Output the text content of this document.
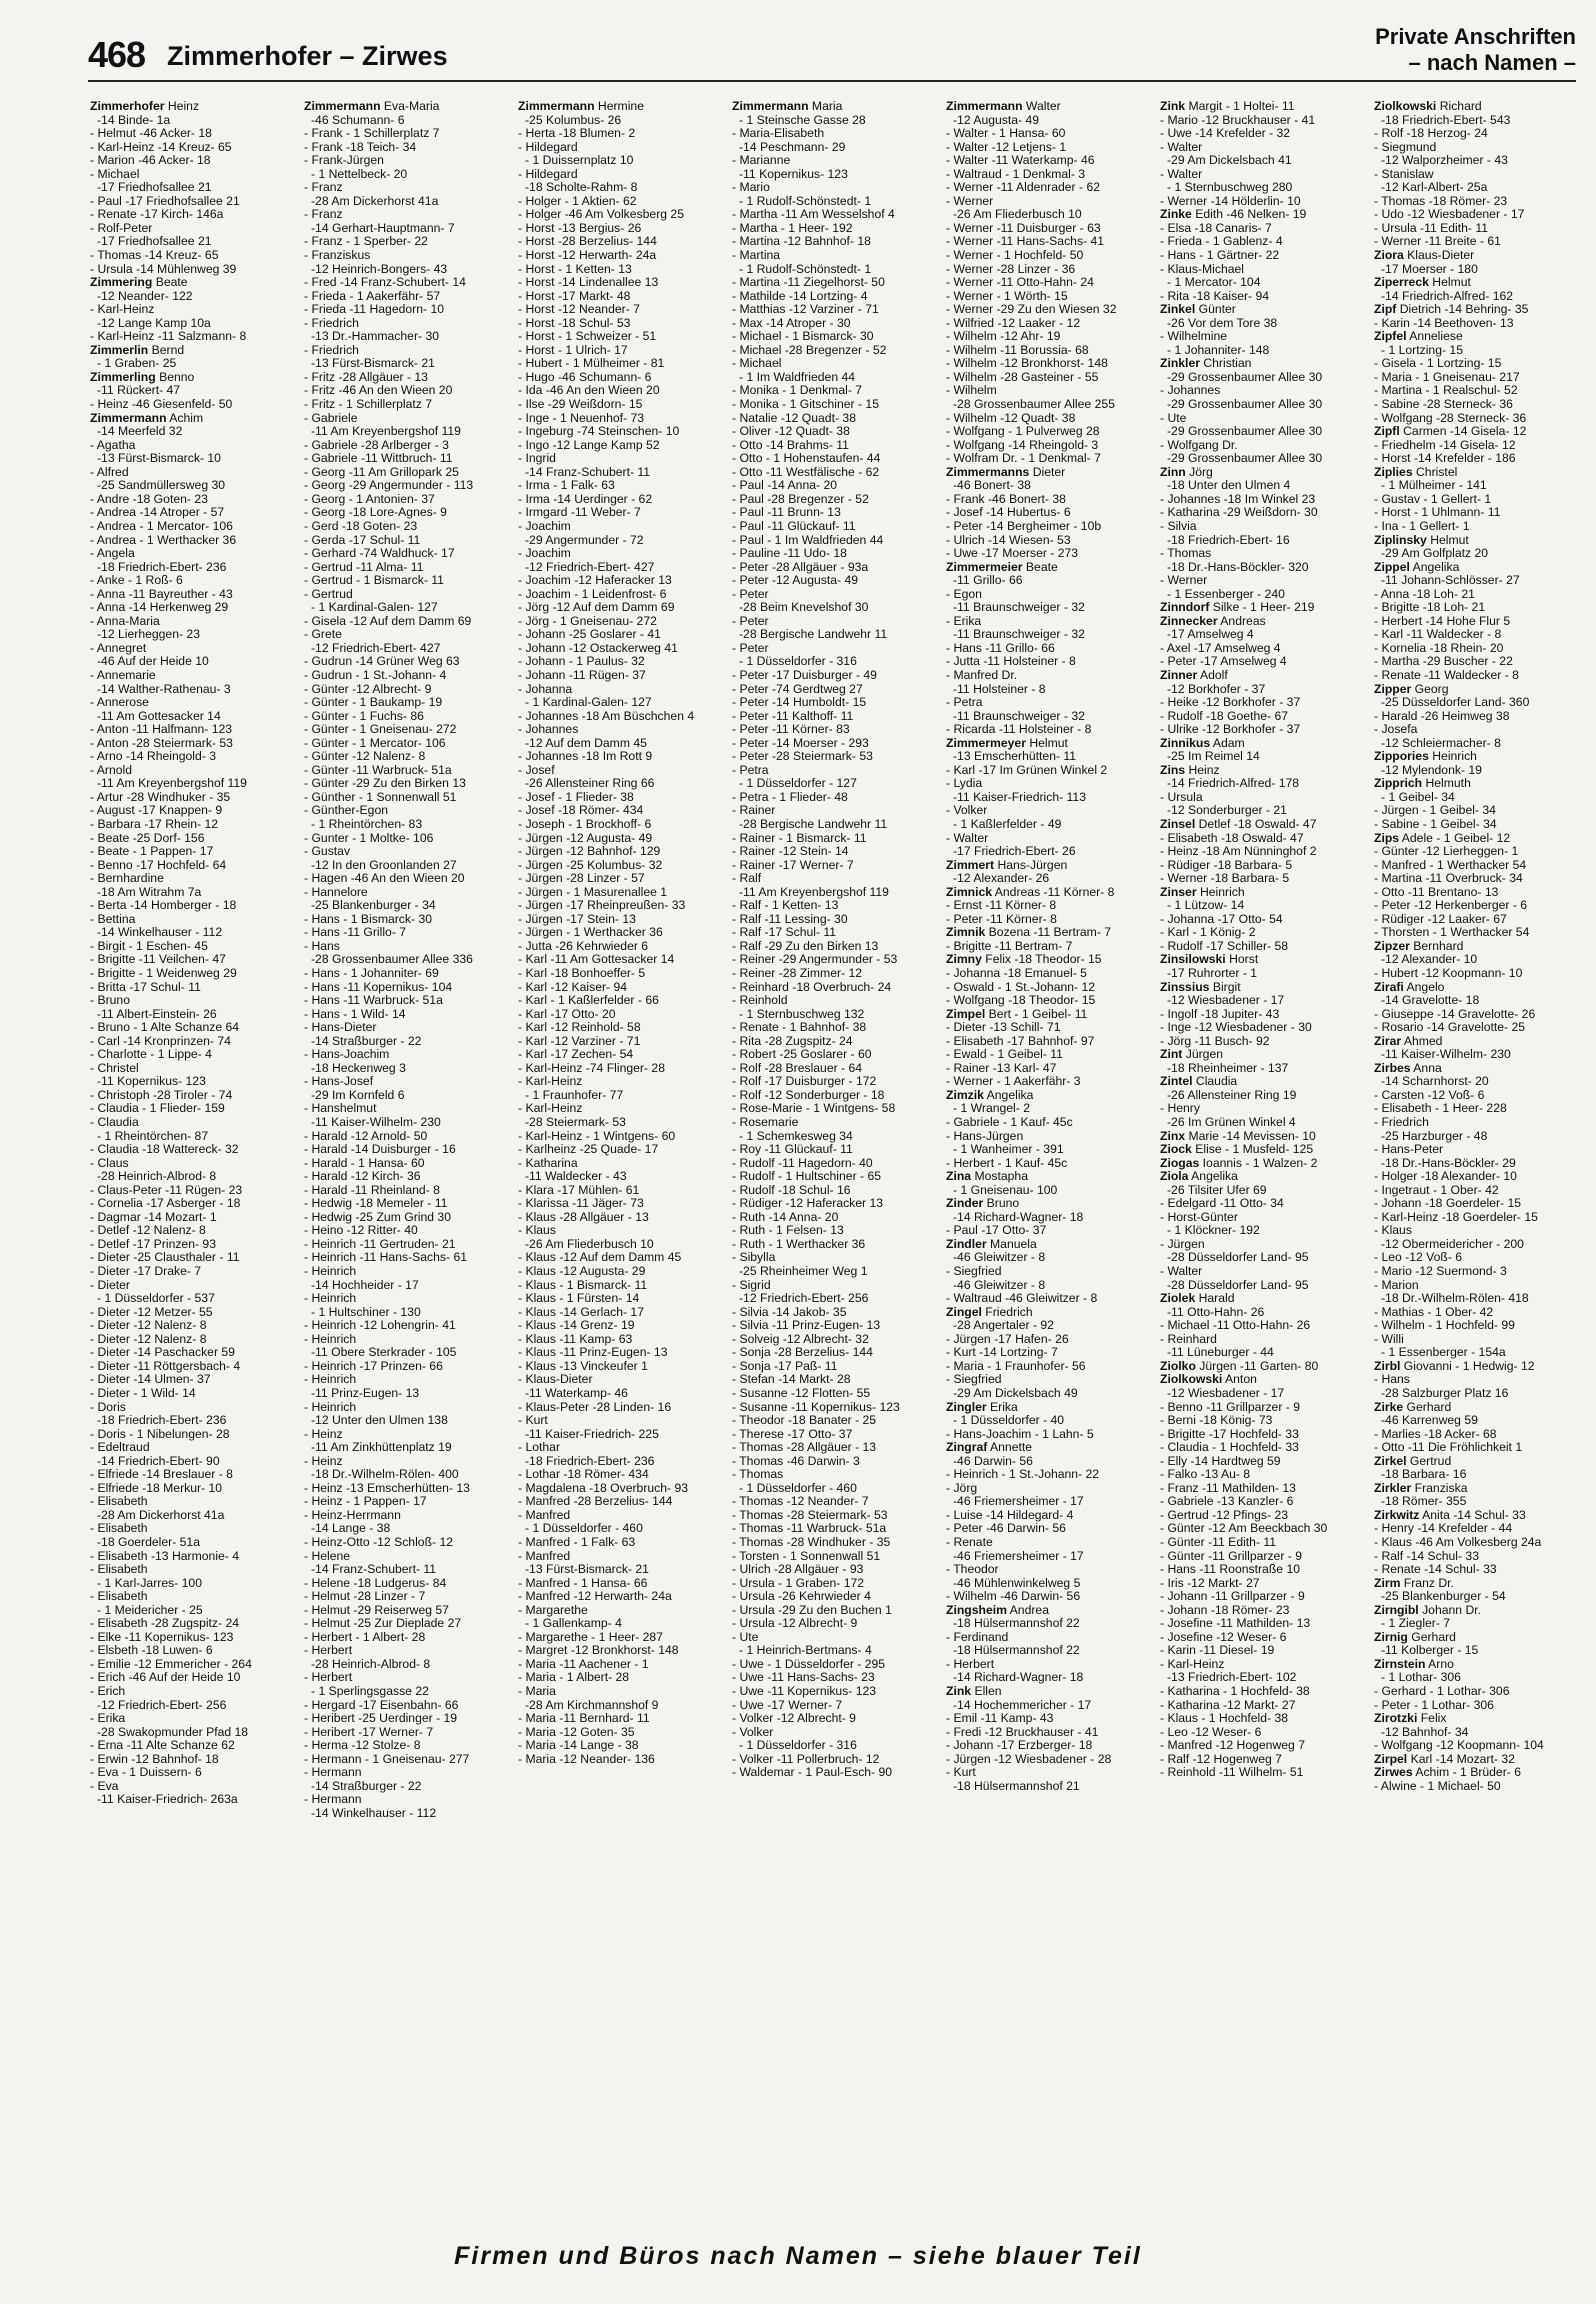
468 Zimmerhofer – Zirwes
Private Anschriften
– nach Namen –
Zimmerhofer Heinz
-14 Binde- 1a
- Helmut -46 Acker- 18
- Karl-Heinz -14 Kreuz- 65
- Marion -46 Acker- 18
- Michael
-17 Friedhofsallee 21
- Paul -17 Friedhofsallee 21
- Renate -17 Kirch- 146a
- Rolf-Peter
-17 Friedhofsallee 21
- Thomas -14 Kreuz- 65
- Ursula -14 Mühlenweg 39
Zimmering Beate
-12 Neander- 122
- Karl-Heinz
-12 Lange Kamp 10a
- Karl-Heinz -11 Salzmann- 8
Zimmerlin Bernd
- 1 Graben- 25
Zimmerling Benno
-11 Rückert- 47
- Heinz -46 Giesenfeld- 50
Zimmermann Achim
-14 Meerfeld 32
- Agatha
-13 Fürst-Bismarck- 10
- Alfred
-25 Sandmüllersweg 30
- Andre -18 Goten- 23
- Andrea -14 Atroper - 57
- Andrea - 1 Mercator- 106
- Andrea - 1 Werthacker 36
- Angela
-18 Friedrich-Ebert- 236
- Anke - 1 Roß- 6
- Anna -11 Bayreuther - 43
- Anna -14 Herkenweg 29
- Anna-Maria
-12 Lierheggen- 23
- Annegret
-46 Auf der Heide 10
- Annemarie
-14 Walther-Rathenau- 3
- Annerose
-11 Am Gottesacker 14
- Anton -11 Halfmann- 123
- Anton -28 Steiermark- 53
- Arno -14 Rheingold- 3
- Arnold
-11 Am Kreyenbergshof 119
- Artur -28 Windhuker - 35
- August -17 Knappen- 9
- Barbara -17 Rhein- 12
- Beate -25 Dorf- 156
- Beate - 1 Pappen- 17
- Benno -17 Hochfeld- 64
- Bernhardine
-18 Am Witrahm 7a
- Berta -14 Homberger - 18
- Bettina
-14 Winkelhauser - 112
- Birgit - 1 Eschen- 45
- Brigitte -11 Veilchen- 47
- Brigitte - 1 Weidenweg 29
- Britta -17 Schul- 11
- Bruno
-11 Albert-Einstein- 26
- Bruno - 1 Alte Schanze 64
- Carl -14 Kronprinzen- 74
- Charlotte - 1 Lippe- 4
- Christel
-11 Kopernikus- 123
- Christoph -28 Tiroler - 74
- Claudia - 1 Flieder- 159
- Claudia
- 1 Rheintörchen- 87
- Claudia -18 Wattereck- 32
- Claus
-28 Heinrich-Albrod- 8
- Claus-Peter -11 Rügen- 23
- Cornelia -17 Asberger - 18
- Dagmar -14 Mozart- 1
- Detlef -12 Nalenz- 8
- Detlef -17 Prinzen- 93
- Dieter -25 Clausthaler - 11
- Dieter -17 Drake- 7
- Dieter
- 1 Düsseldorfer - 537
- Dieter -12 Metzer- 55
- Dieter -12 Nalenz- 8
- Dieter -12 Nalenz- 8
- Dieter -14 Paschacker 59
- Dieter -11 Röttgersbach- 4
- Dieter -14 Ulmen- 37
- Dieter - 1 Wild- 14
- Doris
-18 Friedrich-Ebert- 236
- Doris - 1 Nibelungen- 28
- Edeltraud
-14 Friedrich-Ebert- 90
- Elfriede -14 Breslauer - 8
- Elfriede -18 Merkur- 10
- Elisabeth
-28 Am Dickerhorst 41a
- Elisabeth
-18 Goerdeler- 51a
- Elisabeth -13 Harmonie- 4
- Elisabeth
- 1 Karl-Jarres- 100
- Elisabeth
- 1 Meidericher - 25
- Elisabeth -28 Zugspitz- 24
- Elke -11 Kopernikus- 123
- Elsbeth -18 Luwen- 6
- Emilie -12 Emmericher - 264
- Erich -46 Auf der Heide 10
- Erich
-12 Friedrich-Ebert- 256
- Erika
-28 Swakopmunder Pfad 18
- Erna -11 Alte Schanze 62
- Erwin -12 Bahnhof- 18
- Eva - 1 Duissern- 6
- Eva
-11 Kaiser-Friedrich- 263a
Zimmermann Eva-Maria
-46 Schumann- 6
- Frank - 1 Schillerplatz 7
- Frank -18 Teich- 34
- Frank-Jürgen
- 1 Nettelbeck- 20
- Franz
-28 Am Dickerhorst 41a
- Franz
-14 Gerhart-Hauptmann- 7
- Franz - 1 Sperber- 22
- Franziskus
-12 Heinrich-Bongers- 43
- Fred -14 Franz-Schubert- 14
- Frieda - 1 Aakerfähr- 57
- Frieda -11 Hagedorn- 10
- Friedrich
-13 Dr.-Hammacher- 30
- Friedrich
-13 Fürst-Bismarck- 21
- Fritz -28 Allgäuer - 13
- Fritz -46 An den Wieen 20
- Fritz - 1 Schillerplatz 7
- Gabriele
-11 Am Kreyenbergshof 119
- Gabriele -28 Arlberger - 3
- Gabriele -11 Wittbruch- 11
- Georg -11 Am Grillopark 25
- Georg -29 Angermunder - 113
- Georg - 1 Antonien- 37
- Georg -18 Lore-Agnes- 9
- Gerd -18 Goten- 23
- Gerda -17 Schul- 11
- Gerhard -74 Waldhuck- 17
- Gertrud -11 Alma- 11
- Gertrud - 1 Bismarck- 11
- Gertrud
- 1 Kardinal-Galen- 127
- Gisela -12 Auf dem Damm 69
- Grete
-12 Friedrich-Ebert- 427
- Gudrun -14 Grüner Weg 63
- Gudrun - 1 St.-Johann- 4
- Günter -12 Albrecht- 9
- Günter - 1 Baukamp- 19
- Günter - 1 Fuchs- 86
- Günter - 1 Gneisenau- 272
- Günter - 1 Mercator- 106
- Günter -12 Nalenz- 8
- Günter -11 Warbruck- 51a
- Günter -29 Zu den Birken 13
- Günther - 1 Sonnenwall 51
- Günther-Egon
- 1 Rheintörchen- 83
- Gunter - 1 Moltke- 106
- Gustav
-12 In den Groonlanden 27
- Hagen -46 An den Wieen 20
- Hannelore
-25 Blankenburger - 34
- Hans - 1 Bismarck- 30
- Hans -11 Grillo- 7
- Hans
-28 Grossenbaumer Allee 336
- Hans - 1 Johanniter- 69
- Hans -11 Kopernikus- 104
- Hans -11 Warbruck- 51a
- Hans - 1 Wild- 14
- Hans-Dieter
-14 Straßburger - 22
- Hans-Joachim
-18 Heckenweg 3
- Hans-Josef
-29 Im Kornfeld 6
- Hanshelmut
-11 Kaiser-Wilhelm- 230
- Harald -12 Arnold- 50
- Harald -14 Duisburger - 16
- Harald - 1 Hansa- 60
- Harald -12 Kirch- 36
- Harald -11 Rheinland- 8
- Hedwig -18 Memeler - 11
- Hedwig -25 Zum Grind 30
- Heino -12 Ritter- 40
- Heinrich -11 Gertruden- 21
- Heinrich -11 Hans-Sachs- 61
- Heinrich
-14 Hochheider - 17
- Heinrich
- 1 Hultschiner - 130
- Heinrich -12 Lohengrin- 41
- Heinrich
-11 Obere Sterkrader - 105
- Heinrich -17 Prinzen- 66
- Heinrich
-11 Prinz-Eugen- 13
- Heinrich
-12 Unter den Ulmen 138
- Heinz
-11 Am Zinkhüttenplatz 19
- Heinz
-18 Dr.-Wilhelm-Rölen- 400
- Heinz -13 Emscherhütten- 13
- Heinz - 1 Pappen- 17
- Heinz-Herrmann
-14 Lange - 38
- Heinz-Otto -12 Schloß- 12
- Helene
-14 Franz-Schubert- 11
- Helene -18 Ludgerus- 84
- Helmut -28 Linzer - 7
- Helmut -29 Reiserweg 57
- Helmut -25 Zur Dieplade 27
- Herbert - 1 Albert- 28
- Herbert
-28 Heinrich-Albrod- 8
- Herbert
- 1 Sperlingsgasse 22
- Hergard -17 Eisenbahn- 66
- Heribert -25 Uerdinger - 19
- Heribert -17 Werner- 7
- Herma -12 Stolze- 8
- Hermann - 1 Gneisenau- 277
- Hermann
-14 Straßburger - 22
- Hermann
-14 Winkelhauser - 112
Zimmermann Hermine
-25 Kolumbus- 26
- Herta -18 Blumen- 2
- Hildegard
- 1 Duissernplatz 10
- Hildegard
-18 Scholte-Rahm- 8
- Holger - 1 Aktien- 62
- Holger -46 Am Volkesberg 25
- Horst -13 Bergius- 26
- Horst -28 Berzelius- 144
- Horst -12 Herwarth- 24a
- Horst - 1 Ketten- 13
- Horst -14 Lindenallee 13
- Horst -17 Markt- 48
- Horst -12 Neander- 7
- Horst -18 Schul- 53
- Horst - 1 Schweizer - 51
- Horst - 1 Ulrich- 17
- Hubert - 1 Mülheimer - 81
- Hugo -46 Schumann- 6
- Ida -46 An den Wieen 20
- Ilse -29 Weißdorn- 15
- Inge - 1 Neuenhof- 73
- Ingeburg -74 Steinschen- 10
- Ingo -12 Lange Kamp 52
- Ingrid
-14 Franz-Schubert- 11
- Irma - 1 Falk- 63
- Irma -14 Uerdinger - 62
- Irmgard -11 Weber- 7
- Joachim
-29 Angermunder - 72
- Joachim
-12 Friedrich-Ebert- 427
- Joachim -12 Haferacker 13
- Joachim - 1 Leidenfrost- 6
- Jörg -12 Auf dem Damm 69
- Jörg - 1 Gneisenau- 272
- Johann -25 Goslarer - 41
- Johann -12 Ostackerweg 41
- Johann - 1 Paulus- 32
- Johann -11 Rügen- 37
- Johanna
- 1 Kardinal-Galen- 127
- Johannes -18 Am Büschchen 4
- Johannes
-12 Auf dem Damm 45
- Johannes -18 Im Rott 9
- Josef
-26 Allensteiner Ring 66
- Josef - 1 Flieder- 38
- Josef -18 Römer- 434
- Joseph - 1 Brockhoff- 6
- Jürgen -12 Augusta- 49
- Jürgen -12 Bahnhof- 129
- Jürgen -25 Kolumbus- 32
- Jürgen -28 Linzer - 57
- Jürgen - 1 Masurenallee 1
- Jürgen -17 Rheinpreußen- 33
- Jürgen -17 Stein- 13
- Jürgen - 1 Werthacker 36
- Jutta -26 Kehrwieder 6
- Karl -11 Am Gottesacker 14
- Karl -18 Bonhoeffer- 5
- Karl -12 Kaiser- 94
- Karl - 1 Kaßlerfelder - 66
- Karl -17 Otto- 20
- Karl -12 Reinhold- 58
- Karl -12 Varziner - 71
- Karl -17 Zechen- 54
- Karl-Heinz -74 Flinger- 28
- Karl-Heinz
- 1 Fraunhofer- 77
- Karl-Heinz
-28 Steiermark- 53
- Karl-Heinz - 1 Wintgens- 60
- Karlheinz -25 Quade- 17
- Katharina
-11 Waldecker - 43
- Klara -17 Mühlen- 61
- Klarissa -11 Jäger- 73
- Klaus -28 Allgäuer - 13
- Klaus
-26 Am Fliederbusch 10
- Klaus -12 Auf dem Damm 45
- Klaus -12 Augusta- 29
- Klaus - 1 Bismarck- 11
- Klaus - 1 Fürsten- 14
- Klaus -14 Gerlach- 17
- Klaus -14 Grenz- 19
- Klaus -11 Kamp- 63
- Klaus -11 Prinz-Eugen- 13
- Klaus -13 Vinckeufer 1
- Klaus-Dieter
-11 Waterkamp- 46
- Klaus-Peter -28 Linden- 16
- Kurt
-11 Kaiser-Friedrich- 225
- Lothar
-18 Friedrich-Ebert- 236
- Lothar -18 Römer- 434
- Magdalena -18 Overbruch- 93
- Manfred -28 Berzelius- 144
- Manfred
- 1 Düsseldorfer - 460
- Manfred - 1 Falk- 63
- Manfred
-13 Fürst-Bismarck- 21
- Manfred - 1 Hansa- 66
- Manfred -12 Herwarth- 24a
- Margarethe
- 1 Gallenkamp- 4
- Margarethe - 1 Heer- 287
- Margret -12 Bronkhorst- 148
- Maria -11 Aachener - 1
- Maria - 1 Albert- 28
- Maria
-28 Am Kirchmannshof 9
- Maria -11 Bernhard- 11
- Maria -12 Goten- 35
- Maria -14 Lange - 38
- Maria -12 Neander- 136
Zimmermann Maria
- 1 Steinsche Gasse 28
- Maria-Elisabeth
-14 Peschmann- 29
- Marianne
-11 Kopernikus- 123
- Mario
- 1 Rudolf-Schönstedt- 1
- Martha -11 Am Wesselshof 4
- Martha - 1 Heer- 192
- Martina -12 Bahnhof- 18
- Martina
- 1 Rudolf-Schönstedt- 1
- Martina -11 Ziegelhorst- 50
- Mathilde -14 Lortzing- 4
- Matthias -12 Varziner - 71
- Max -14 Atroper - 30
- Michael - 1 Bismarck- 30
- Michael -28 Bregenzer - 52
- Michael
- 1 Im Waldfrieden 44
- Monika - 1 Denkmal- 7
- Monika - 1 Gitschiner - 15
- Natalie -12 Quadt- 38
- Oliver -12 Quadt- 38
- Otto -14 Brahms- 11
- Otto - 1 Hohenstaufen- 44
- Otto -11 Westfälische - 62
- Paul -14 Anna- 20
- Paul -28 Bregenzer - 52
- Paul -11 Brunn- 13
- Paul -11 Glückauf- 11
- Paul - 1 Im Waldfrieden 44
- Pauline -11 Udo- 18
- Peter -28 Allgäuer - 93a
- Peter -12 Augusta- 49
- Peter
-28 Beim Knevelshof 30
- Peter
-28 Bergische Landwehr 11
- Peter
- 1 Düsseldorfer - 316
- Peter -17 Duisburger - 49
- Peter -74 Gerdtweg 27
- Peter -14 Humboldt- 15
- Peter -11 Kalthoff- 11
- Peter -11 Körner- 83
- Peter -14 Moerser - 293
- Peter -28 Steiermark- 53
- Petra
- 1 Düsseldorfer - 127
- Petra - 1 Flieder- 48
- Rainer
-28 Bergische Landwehr 11
- Rainer - 1 Bismarck- 11
- Rainer -12 Stein- 14
- Rainer -17 Werner- 7
- Ralf
-11 Am Kreyenbergshof 119
- Ralf - 1 Ketten- 13
- Ralf -11 Lessing- 30
- Ralf -17 Schul- 11
- Ralf -29 Zu den Birken 13
- Reiner -29 Angermunder - 53
- Reiner -28 Zimmer- 12
- Reinhard -18 Overbruch- 24
- Reinhold
- 1 Sternbuschweg 132
- Renate - 1 Bahnhof- 38
- Rita -28 Zugspitz- 24
- Robert -25 Goslarer - 60
- Rolf -28 Breslauer - 64
- Rolf -17 Duisburger - 172
- Rolf -12 Sonderburger - 18
- Rose-Marie - 1 Wintgens- 58
- Rosemarie
- 1 Schemkesweg 34
- Roy -11 Glückauf- 11
- Rudolf -11 Hagedorn- 40
- Rudolf - 1 Hultschiner - 65
- Rudolf -18 Schul- 16
- Rüdiger -12 Haferacker 13
- Ruth -14 Anna- 20
- Ruth - 1 Felsen- 13
- Ruth - 1 Werthacker 36
- Sibylla
-25 Rheinheimer Weg 1
- Sigrid
-12 Friedrich-Ebert- 256
- Silvia -14 Jakob- 35
- Silvia -11 Prinz-Eugen- 13
- Solveig -12 Albrecht- 32
- Sonja -28 Berzelius- 144
- Sonja -17 Paß- 11
- Stefan -14 Markt- 28
- Susanne -12 Flotten- 55
- Susanne -11 Kopernikus- 123
- Theodor -18 Banater - 25
- Therese -17 Otto- 37
- Thomas -28 Allgäuer - 13
- Thomas -46 Darwin- 3
- Thomas
- 1 Düsseldorfer - 460
- Thomas -12 Neander- 7
- Thomas -28 Steiermark- 53
- Thomas -11 Warbruck- 51a
- Thomas -28 Windhuker - 35
- Torsten - 1 Sonnenwall 51
- Ulrich -28 Allgäuer - 93
- Ursula - 1 Graben- 172
- Ursula -26 Kehrwieder 4
- Ursula -29 Zu den Buchen 1
- Ursula -12 Albrecht- 9
- Ute
- 1 Heinrich-Bertmans- 4
- Uwe - 1 Düsseldorfer - 295
- Uwe -11 Hans-Sachs- 23
- Uwe -11 Kopernikus- 123
- Uwe -17 Werner- 7
- Volker -12 Albrecht- 9
- Volker
- 1 Düsseldorfer - 316
- Volker -11 Pollerbruch- 12
- Waldemar - 1 Paul-Esch- 90
Zimmermann Walter
-12 Augusta- 49
- Walter - 1 Hansa- 60
- Walter -12 Letjens- 1
- Walter -11 Waterkamp- 46
- Waltraud - 1 Denkmal- 3
- Werner -11 Aldenrader - 62
- Werner
-26 Am Fliederbusch 10
- Werner -11 Duisburger - 63
- Werner -11 Hans-Sachs- 41
- Werner - 1 Hochfeld- 50
- Werner -28 Linzer - 36
- Werner -11 Otto-Hahn- 24
- Werner - 1 Wörth- 15
- Werner -29 Zu den Wiesen 32
- Wilfried -12 Laaker - 12
- Wilhelm -12 Ahr- 19
- Wilhelm -11 Borussia- 68
- Wilhelm -12 Bronkhorst- 148
- Wilhelm -28 Gasteiner - 55
- Wilhelm
-28 Grossenbaumer Allee 255
- Wilhelm -12 Quadt- 38
- Wolfgang - 1 Pulverweg 28
- Wolfgang -14 Rheingold- 3
- Wolfram Dr. - 1 Denkmal- 7
Zimmermanns Dieter
-46 Bonert- 38
- Frank -46 Bonert- 38
- Josef -14 Hubertus- 6
- Peter -14 Bergheimer - 10b
- Ulrich -14 Wiesen- 53
- Uwe -17 Moerser - 273
Zimmermeier Beate
-11 Grillo- 66
- Egon
-11 Braunschweiger - 32
- Erika
-11 Braunschweiger - 32
- Hans -11 Grillo- 66
- Jutta -11 Holsteiner - 8
- Manfred Dr.
-11 Holsteiner - 8
- Petra
-11 Braunschweiger - 32
- Ricarda -11 Holsteiner - 8
Zimmermeyer Helmut
-13 Emscherhütten- 11
- Karl -17 Im Grünen Winkel 2
- Lydia
-11 Kaiser-Friedrich- 113
- Volker
- 1 Kaßlerfelder - 49
- Walter
-17 Friedrich-Ebert- 26
Zimmert Hans-Jürgen
-12 Alexander- 26
Zimnick Andreas -11 Körner- 8
- Ernst -11 Körner- 8
- Peter -11 Körner- 8
Zimnik Bozena -11 Bertram- 7
- Brigitte -11 Bertram- 7
Zimny Felix -18 Theodor- 15
- Johanna -18 Emanuel- 5
- Oswald - 1 St.-Johann- 12
- Wolfgang -18 Theodor- 15
Zimpel Bert - 1 Geibel- 11
- Dieter -13 Schill- 71
- Elisabeth -17 Bahnhof- 97
- Ewald - 1 Geibel- 11
- Rainer -13 Karl- 47
- Werner - 1 Aakerfähr- 3
Zimzik Angelika
- 1 Wrangel- 2
- Gabriele - 1 Kauf- 45c
- Hans-Jürgen
- 1 Wanheimer - 391
- Herbert - 1 Kauf- 45c
Zina Mostapha
- 1 Gneisenau- 100
Zinder Bruno
-14 Richard-Wagner- 18
- Paul -17 Otto- 37
Zindler Manuela
-46 Gleiwitzer - 8
- Siegfried
-46 Gleiwitzer - 8
- Waltraud -46 Gleiwitzer - 8
Zingel Friedrich
-28 Angertaler - 92
- Jürgen -17 Hafen- 26
- Kurt -14 Lortzing- 7
- Maria - 1 Fraunhofer- 56
- Siegfried
-29 Am Dickelsbach 49
Zingler Erika
- 1 Düsseldorfer - 40
- Hans-Joachim - 1 Lahn- 5
Zingraf Annette
-46 Darwin- 56
- Heinrich - 1 St.-Johann- 22
- Jörg
-46 Friemersheimer - 17
- Luise -14 Hildegard- 4
- Peter -46 Darwin- 56
- Renate
-46 Friemersheimer - 17
- Theodor
-46 Mühlenwinkelweg 5
- Wilhelm -46 Darwin- 56
Zingsheim Andrea
-18 Hülsermannshof 22
- Ferdinand
-18 Hülsermannshof 22
- Herbert
-14 Richard-Wagner- 18
Zink Ellen
-14 Hochemmericher - 17
- Emil -11 Kamp- 43
- Fredi -12 Bruckhauser - 41
- Johann -17 Erzberger- 18
- Jürgen -12 Wiesbadener - 28
- Kurt
-18 Hülsermannshof 21
Zink Margit - 1 Holtei- 11
- Mario -12 Bruckhauser - 41
- Uwe -14 Krefelder - 32
- Walter
-29 Am Dickelsbach 41
- Walter
- 1 Sternbuschweg 280
- Werner -14 Hölderlin- 10
Zinke Edith -46 Nelken- 19
- Elsa -18 Canaris- 7
- Frieda - 1 Gablenz- 4
- Hans - 1 Gärtner- 22
- Klaus-Michael
- 1 Mercator- 104
- Rita -18 Kaiser- 94
Zinkel Günter
-26 Vor dem Tore 38
- Wilhelmine
- 1 Johanniter- 148
Zinkler Christian
-29 Grossenbaumer Allee 30
- Johannes
-29 Grossenbaumer Allee 30
- Ute
-29 Grossenbaumer Allee 30
- Wolfgang Dr.
-29 Grossenbaumer Allee 30
Zinn Jörg
-18 Unter den Ulmen 4
- Johannes -18 Im Winkel 23
- Katharina -29 Weißdorn- 30
- Silvia
-18 Friedrich-Ebert- 16
- Thomas
-18 Dr.-Hans-Böckler- 320
- Werner
- 1 Essenberger - 240
Zinndorf Silke - 1 Heer- 219
Zinnecker Andreas
-17 Amselweg 4
- Axel -17 Amselweg 4
- Peter -17 Amselweg 4
Zinner Adolf
-12 Borkhofer - 37
- Heike -12 Borkhofer - 37
- Rudolf -18 Goethe- 67
- Ulrike -12 Borkhofer - 37
Zinnikus Adam
-25 Im Reimel 14
Zins Heinz
-14 Friedrich-Alfred- 178
- Ursula
-12 Sonderburger - 21
Zinsel Detlef -18 Oswald- 47
- Elisabeth -18 Oswald- 47
- Heinz -18 Am Nünninghof 2
- Rüdiger -18 Barbara- 5
- Werner -18 Barbara- 5
Zinser Heinrich
- 1 Lützow- 14
- Johanna -17 Otto- 54
- Karl - 1 König- 2
- Rudolf -17 Schiller- 58
Zinsilowski Horst
-17 Ruhrorter - 1
Zinssius Birgit
-12 Wiesbadener - 17
- Ingolf -18 Jupiter- 43
- Inge -12 Wiesbadener - 30
- Jörg -11 Busch- 92
Zint Jürgen
-18 Rheinheimer - 137
Zintel Claudia
-26 Allensteiner Ring 19
- Henry
-26 Im Grünen Winkel 4
Zinx Marie -14 Mevissen- 10
Ziock Elise - 1 Musfeld- 125
Ziogas Ioannis - 1 Walzen- 2
Ziola Angelika
-26 Tilsiter Ufer 69
- Edelgard -11 Otto- 34
- Horst-Günter
- 1 Klöckner- 192
- Jürgen
-28 Düsseldorfer Land- 95
- Walter
-28 Düsseldorfer Land- 95
Ziolek Harald
-11 Otto-Hahn- 26
- Michael -11 Otto-Hahn- 26
- Reinhard
-11 Lüneburger - 44
Ziolko Jürgen -11 Garten- 80
Ziolkowski Anton
-12 Wiesbadener - 17
- Benno -11 Grillparzer - 9
- Berni -18 König- 73
- Brigitte -17 Hochfeld- 33
- Claudia - 1 Hochfeld- 33
- Elly -14 Hardtweg 59
- Falko -13 Au- 8
- Franz -11 Mathilden- 13
- Gabriele -13 Kanzler- 6
- Gertrud -12 Pfings- 23
- Günter -12 Am Beeckbach 30
- Günter -11 Edith- 11
- Günter -11 Grillparzer - 9
- Hans -11 Roonstraße 10
- Iris -12 Markt- 27
- Johann -11 Grillparzer - 9
- Johann -18 Römer- 23
- Josefine -11 Mathilden- 13
- Josefine -12 Weser- 6
- Karin -11 Diesel- 19
- Karl-Heinz
-13 Friedrich-Ebert- 102
- Katharina - 1 Hochfeld- 38
- Katharina -12 Markt- 27
- Klaus - 1 Hochfeld- 38
- Leo -12 Weser- 6
- Manfred -12 Hogenweg 7
- Ralf -12 Hogenweg 7
- Reinhold -11 Wilhelm- 51
Ziolkowski Richard
-18 Friedrich-Ebert- 543
- Rolf -18 Herzog- 24
- Siegmund
-12 Walporzheimer - 43
- Stanislaw
-12 Karl-Albert- 25a
- Thomas -18 Römer- 23
- Udo -12 Wiesbadener - 17
- Ursula -11 Edith- 11
- Werner -11 Breite - 61
Ziora Klaus-Dieter
-17 Moerser - 180
Ziperreck Helmut
-14 Friedrich-Alfred- 162
Zipf Dietrich -14 Behring- 35
- Karin -14 Beethoven- 13
Zipfel Anneliese
- 1 Lortzing- 15
- Gisela - 1 Lortzing- 15
- Maria - 1 Gneisenau- 217
- Martina - 1 Realschul- 52
- Sabine -28 Sterneck- 36
- Wolfgang -28 Sterneck- 36
Zipfl Carmen -14 Gisela- 12
- Friedhelm -14 Gisela- 12
- Horst -14 Krefelder - 186
Ziplies Christel
- 1 Mülheimer - 141
- Gustav - 1 Gellert- 1
- Horst - 1 Uhlmann- 11
- Ina - 1 Gellert- 1
Ziplinsky Helmut
-29 Am Golfplatz 20
Zippel Angelika
-11 Johann-Schlösser- 27
- Anna -18 Loh- 21
- Brigitte -18 Loh- 21
- Herbert -14 Hohe Flur 5
- Karl -11 Waldecker - 8
- Kornelia -18 Rhein- 20
- Martha -29 Buscher - 22
- Renate -11 Waldecker - 8
Zipper Georg
-25 Düsseldorfer Land- 360
- Harald -26 Heimweg 38
- Josefa
-12 Schleiermacher- 8
Zippories Heinrich
-12 Mylendonk- 19
Zipprich Helmuth
- 1 Geibel- 34
- Jürgen - 1 Geibel- 34
- Sabine - 1 Geibel- 34
Zips Adele - 1 Geibel- 12
- Günter -12 Lierheggen- 1
- Manfred - 1 Werthacker 54
- Martina -11 Overbruck- 34
- Otto -11 Brentano- 13
- Peter -12 Herkenberger - 6
- Rüdiger -12 Laaker- 67
- Thorsten - 1 Werthacker 54
Zipzer Bernhard
-12 Alexander- 10
- Hubert -12 Koopmann- 10
Zirafi Angelo
-14 Gravelotte- 18
- Giuseppe -14 Gravelotte- 26
- Rosario -14 Gravelotte- 25
Zirar Ahmed
-11 Kaiser-Wilhelm- 230
Zirbes Anna
-14 Scharnhorst- 20
- Carsten -12 Voß- 6
- Elisabeth - 1 Heer- 228
- Friedrich
-25 Harzburger - 48
- Hans-Peter
-18 Dr.-Hans-Böckler- 29
- Holger -18 Alexander- 10
- Ingetraut - 1 Ober- 42
- Johann -18 Goerdeler- 15
- Karl-Heinz -18 Goerdeler- 15
- Klaus
-12 Obermeidericher - 200
- Leo -12 Voß- 6
- Mario -12 Suermond- 3
- Marion
-18 Dr.-Wilhelm-Rölen- 418
- Mathias - 1 Ober- 42
- Wilhelm - 1 Hochfeld- 99
- Willi
- 1 Essenberger - 154a
Zirbl Giovanni - 1 Hedwig- 12
- Hans
-28 Salzburger Platz 16
Zirke Gerhard
-46 Karrenweg 59
- Marlies -18 Acker- 68
- Otto -11 Die Fröhlichkeit 1
Zirkel Gertrud
-18 Barbara- 16
Zirkler Franziska
-18 Römer- 355
Zirkwitz Anita -14 Schul- 33
- Henry -14 Krefelder - 44
- Klaus -46 Am Volkesberg 24a
- Ralf -14 Schul- 33
- Renate -14 Schul- 33
Zirm Franz Dr.
-25 Blankenburger - 54
Zirngibl Johann Dr.
- 1 Ziegler- 7
Zirnig Gerhard
-11 Kolberger - 15
Zirnstein Arno
- 1 Lothar- 306
- Gerhard - 1 Lothar- 306
- Peter - 1 Lothar- 306
Zirotzki Felix
-12 Bahnhof- 34
- Wolfgang -12 Koopmann- 104
Zirpel Karl -14 Mozart- 32
Zirwes Achim - 1 Brüder- 6
- Alwine - 1 Michael- 50
Firmen und Büros nach Namen – siehe blauer Teil
